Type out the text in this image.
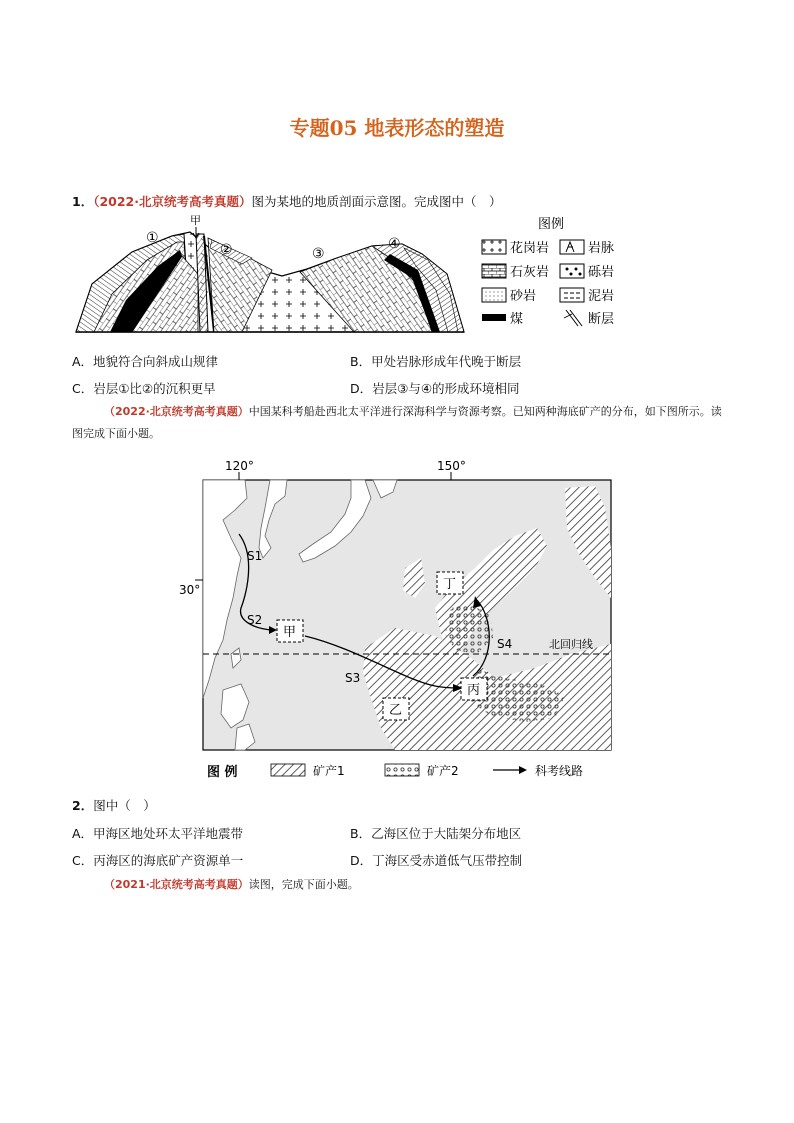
专题05 地表形态的塑造
1．（2022·北京统考高考真题）图为某地的地质剖面示意图。完成图中（　）
甲
①
②	③
④
图例
花岗岩	岩脉
石灰岩	砾岩
砂岩	泥岩
煤	断层
A．地貌符合向斜成山规律	B．甲处岩脉形成年代晚于断层
C．岩层①比②的沉积更早	D．岩层③与④的形成环境相同
（2022·北京统考高考真题）中国某科考船赴西北太平洋进行深海科学与资源考察。已知两种海底矿产的分布，如下图所示。读图完成下面小题。
北回归线
120°	150°
30°
S1
S2
S3
S4
甲
乙
丙
丁
图 例	矿产1	矿产2	科考线路
2．图中（　）
A．甲海区地处环太平洋地震带	B．乙海区位于大陆架分布地区
C．丙海区的海底矿产资源单一	D．丁海区受赤道低气压带控制
（2021·北京统考高考真题）读图，完成下面小题。
